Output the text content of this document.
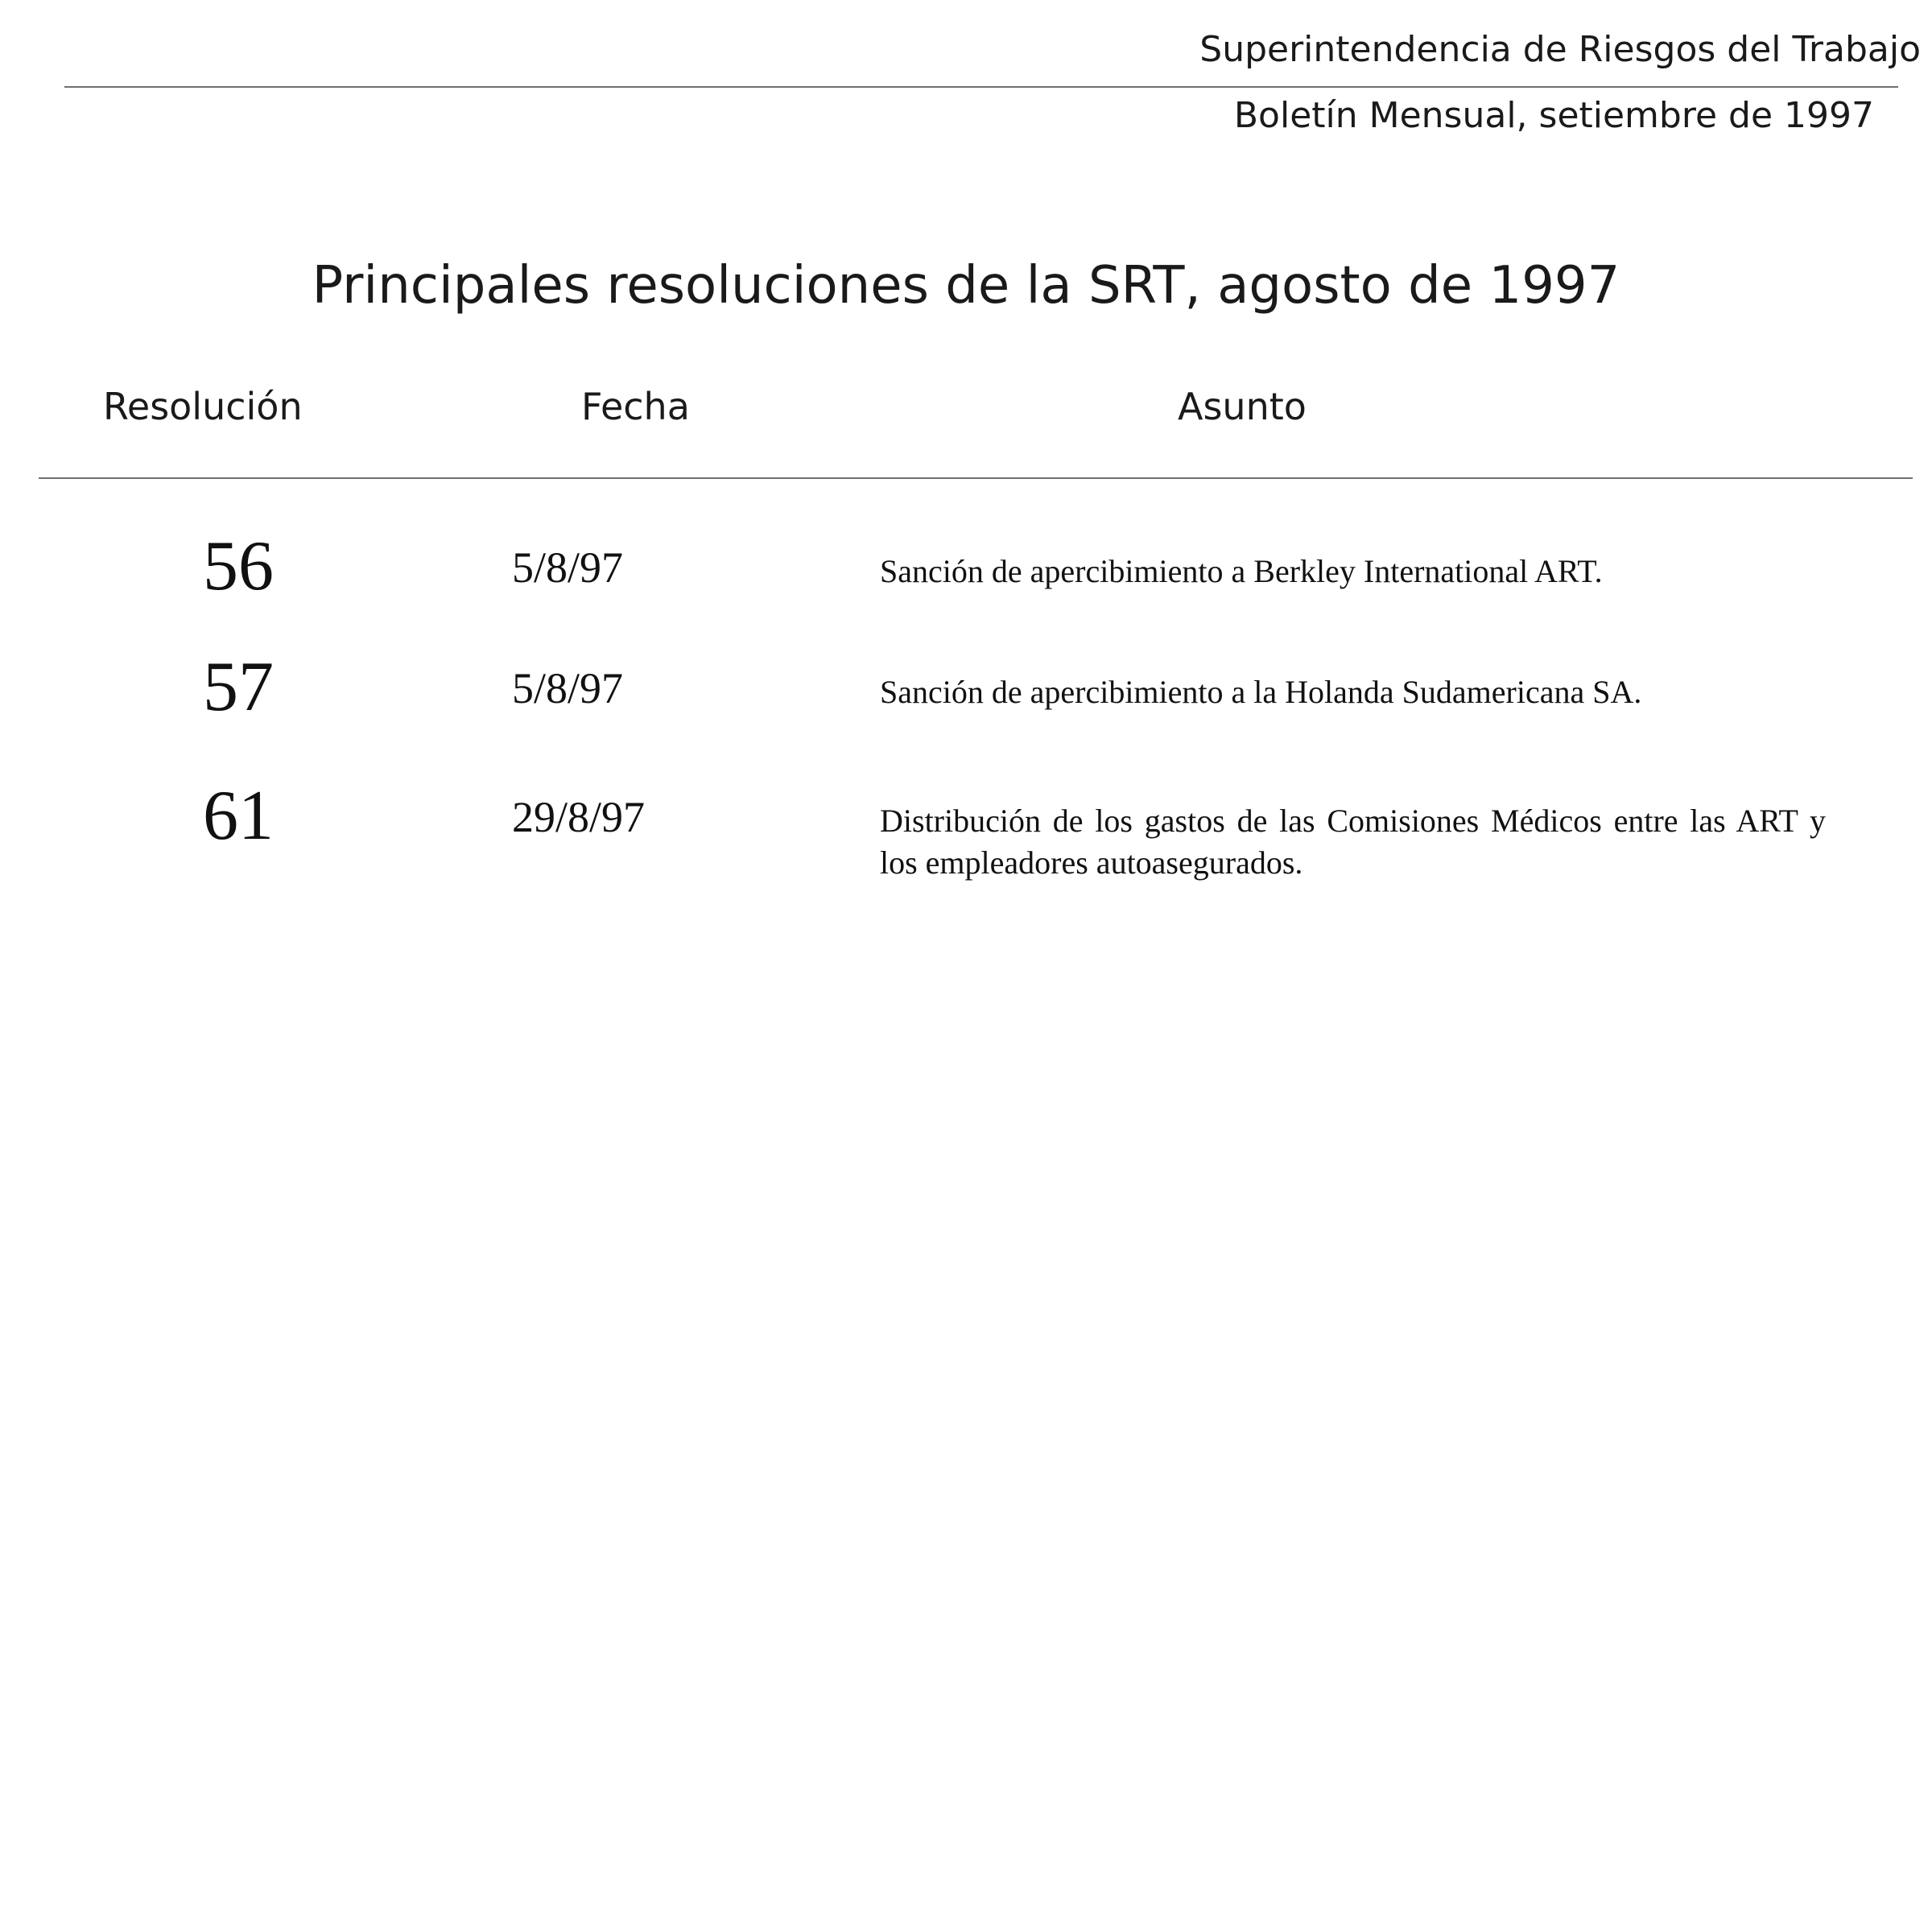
Superintendencia de Riesgos del Trabajo
Boletín Mensual, setiembre de 1997
Principales resoluciones de la SRT, agosto de 1997
Resolución	Fecha	Asunto
56	5/8/97	Sanción de apercibimiento a Berkley International ART.
57	5/8/97	Sanción de apercibimiento a la Holanda Sudamericana SA.
61	29/8/97	Distribución de los gastos de las Comisiones Médicos entre las ART y los empleadores autoasegurados.
